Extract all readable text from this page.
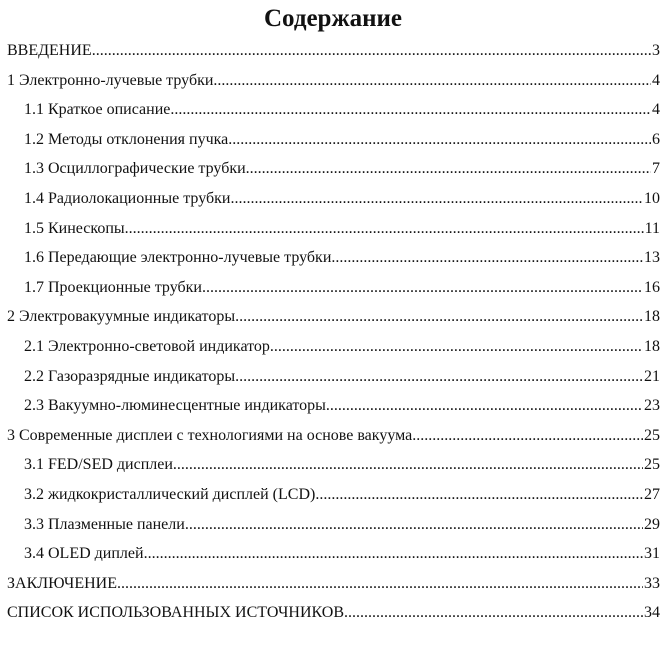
Содержание
ВВЕДЕНИЕ .....	3
1 Электронно-лучевые трубки .....	4
1.1 Краткое описание .....	4
1.2 Методы отклонения пучка .....	6
1.3 Осциллографические трубки .....	7
1.4 Радиолокационные трубки .....	10
1.5 Кинескопы .....	11
1.6 Передающие электронно-лучевые трубки .....	13
1.7 Проекционные трубки .....	16
2 Электровакуумные индикаторы .....	18
2.1 Электронно-световой индикатор .....	18
2.2 Газоразрядные индикаторы .....	21
2.3 Вакуумно-люминесцентные индикаторы .....	23
3 Современные дисплеи с технологиями на основе вакуума .....	25
3.1 FED/SED дисплеи .....	25
3.2 жидкокристаллический дисплей (LCD) .....	27
3.3 Плазменные панели .....	29
3.4 OLED диплей .....	31
ЗАКЛЮЧЕНИЕ .....	33
СПИСОК ИСПОЛЬЗОВАННЫХ ИСТОЧНИКОВ .....	34
